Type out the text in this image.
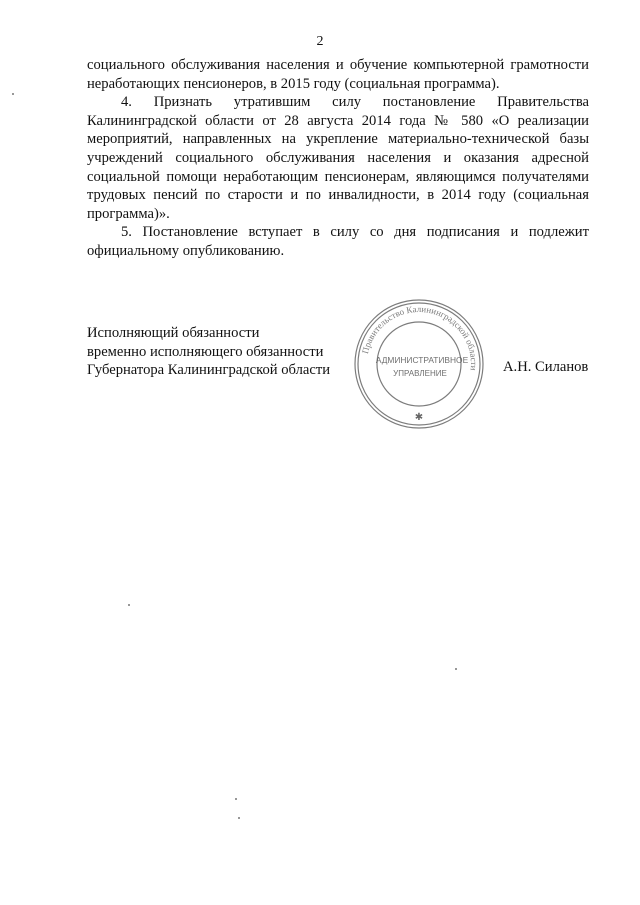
2

социального обслуживания населения и обучение компьютерной грамотности неработающих пенсионеров, в 2015 году (социальная программа).

4. Признать утратившим силу постановление Правительства Калининградской области от 28 августа 2014 года № 580 «О реализации мероприятий, направленных на укрепление материально-технической базы учреждений социального обслуживания населения и оказания адресной социальной помощи неработающим пенсионерам, являющимся получателями трудовых пенсий по старости и по инвалидности, в 2014 году (социальная программа)».

5. Постановление вступает в силу со дня подписания и подлежит официальному опубликованию.

Исполняющий обязанности
временно исполняющего обязанности
Губернатора Калининградской области
Правительство Калининградской области
АДМИНИСТРАТИВНОЕ
УПРАВЛЕНИЕ
✱
А.Н. Силанов
